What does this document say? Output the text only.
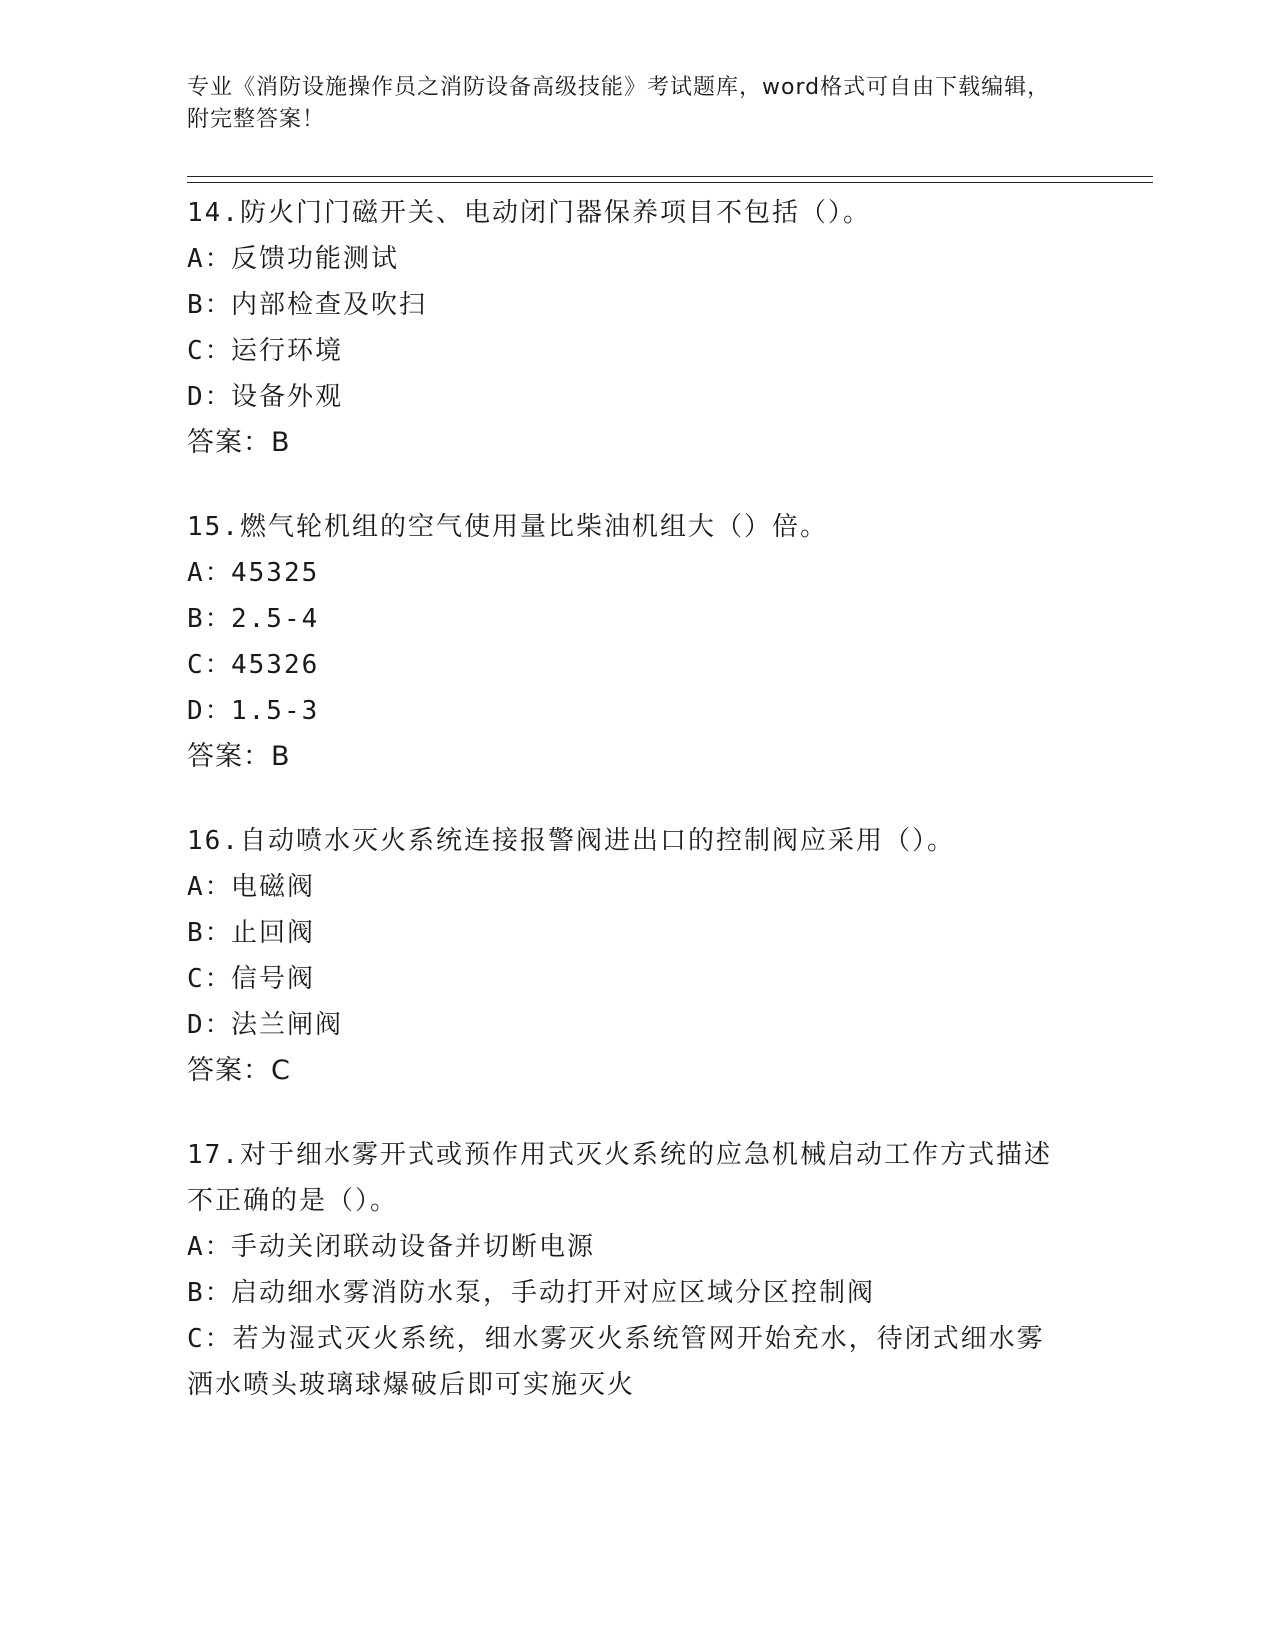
专业《消防设施操作员之消防设备高级技能》考试题库，word格式可自由下载编辑，附完整答案！
14.防火门门磁开关、电动闭门器保养项目不包括（）。
A：反馈功能测试
B：内部检查及吹扫
C：运行环境
D：设备外观
答案：B
15.燃气轮机组的空气使用量比柴油机组大（）倍。
A：45325
B：2.5-4
C：45326
D：1.5-3
答案：B
16.自动喷水灭火系统连接报警阀进出口的控制阀应采用（）。
A：电磁阀
B：止回阀
C：信号阀
D：法兰闸阀
答案：C
17.对于细水雾开式或预作用式灭火系统的应急机械启动工作方式描述不正确的是（）。
A：手动关闭联动设备并切断电源
B：启动细水雾消防水泵，手动打开对应区域分区控制阀
C：若为湿式灭火系统，细水雾灭火系统管网开始充水，待闭式细水雾洒水喷头玻璃球爆破后即可实施灭火
